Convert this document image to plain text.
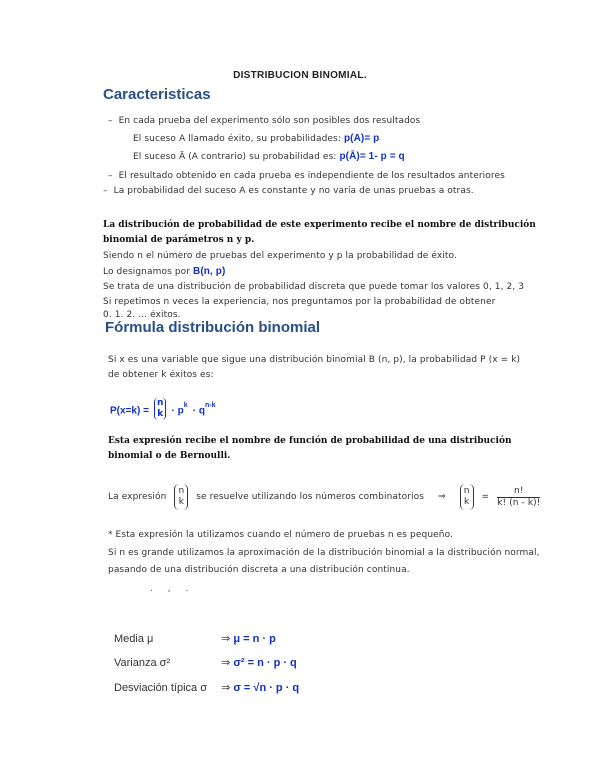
DISTRIBUCION BINOMIAL.
Caracteristicas
– En cada prueba del experimento sólo son posibles dos resultados
El suceso A llamado éxito, su probabilidades: p(A)= p
El suceso Ā (A contrario) su probabilidad es: p(Ā)= 1- p = q
– El resultado obtenido en cada prueba es independiente de los resultados anteriores
– La probabilidad del suceso A es constante y no varía de unas pruebas a otras.
La distribución de probabilidad de este experimento recibe el nombre de distribución
binomial de parámetros n y p.
Siendo n el número de pruebas del experimento y p la probabilidad de éxito.
Lo designamos por B(n, p)
Se trata de una distribución de probabilidad discreta que puede tomar los valores 0, 1, 2, 3
Si repetimos n veces la experiencia, nos preguntamos por la probabilidad de obtener
0, 1, 2, ... éxitos.
Fórmula distribución binomial
Si x es una variable que sigue una distribución binomial B (n, p), la probabilidad P (x = k)
de obtener k éxitos es:
P(x=k) =
n
$k \cdot p^k \cdot q^{n-k}$
Esta expresión recibe el nombre de función de probabilidad de una distribución
binomial o de Bernoulli.
La expresión
n
k se resuelve utilizando los números combinatorios ⇒
n
$k = \frac{n!}{k! (n - k)!}$
* Esta expresión la utilizamos cuando el número de pruebas n es pequeño.
Si n es grande utilizamos la aproximación de la distribución binomial a la distribución normal,
pasando de una distribución discreta a una distribución continua.
. , .
Media μ	⇒ μ = n · p
Varianza σ²	⇒ σ² = n · p · q
Desviación típica σ ⇒ σ = √n · p · q
